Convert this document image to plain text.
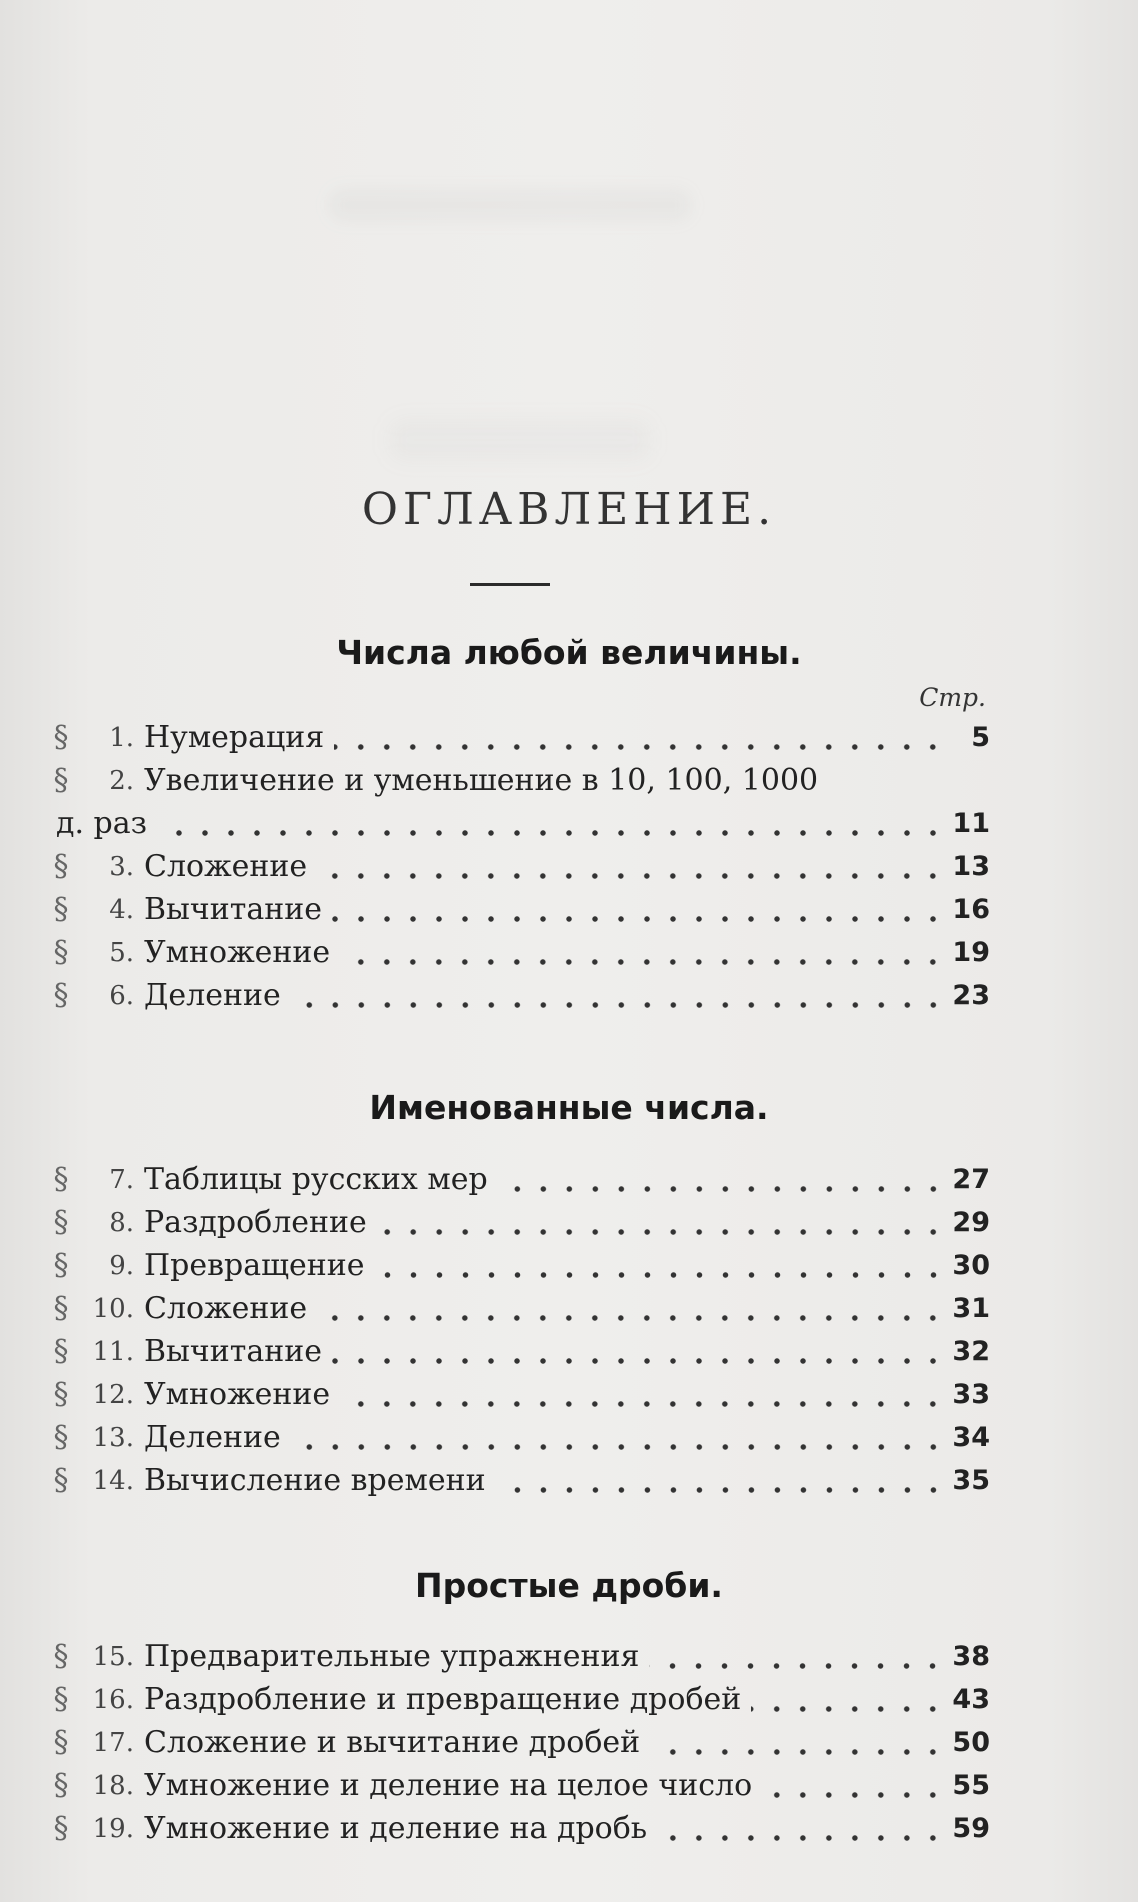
ОГЛАВЛЕНИЕ.
Числа любой величины.
Стр.
§	1. Нумерация	5
§	2. Увеличение и уменьшение в 10, 100, 1000
д. раз	11
§	3. Сложение	13
§	4. Вычитание	16
§	5. Умножение	19
§	6. Деление	23
Именованные числа.
§	7. Таблицы русских мер	27
§	8. Раздробление	29
§	9. Превращение	30
§ 10. Сложение	31
§ 11. Вычитание	32
§ 12. Умножение	33
§ 13. Деление	34
§ 14. Вычисление времени	35
Простые дроби.
§ 15. Предварительные упражнения	38
§ 16. Раздробление и превращение дробей	43
§ 17. Сложение и вычитание дробей	50
§ 18. Умножение и деление на целое число	55
§ 19. Умножение и деление на дробь	59
